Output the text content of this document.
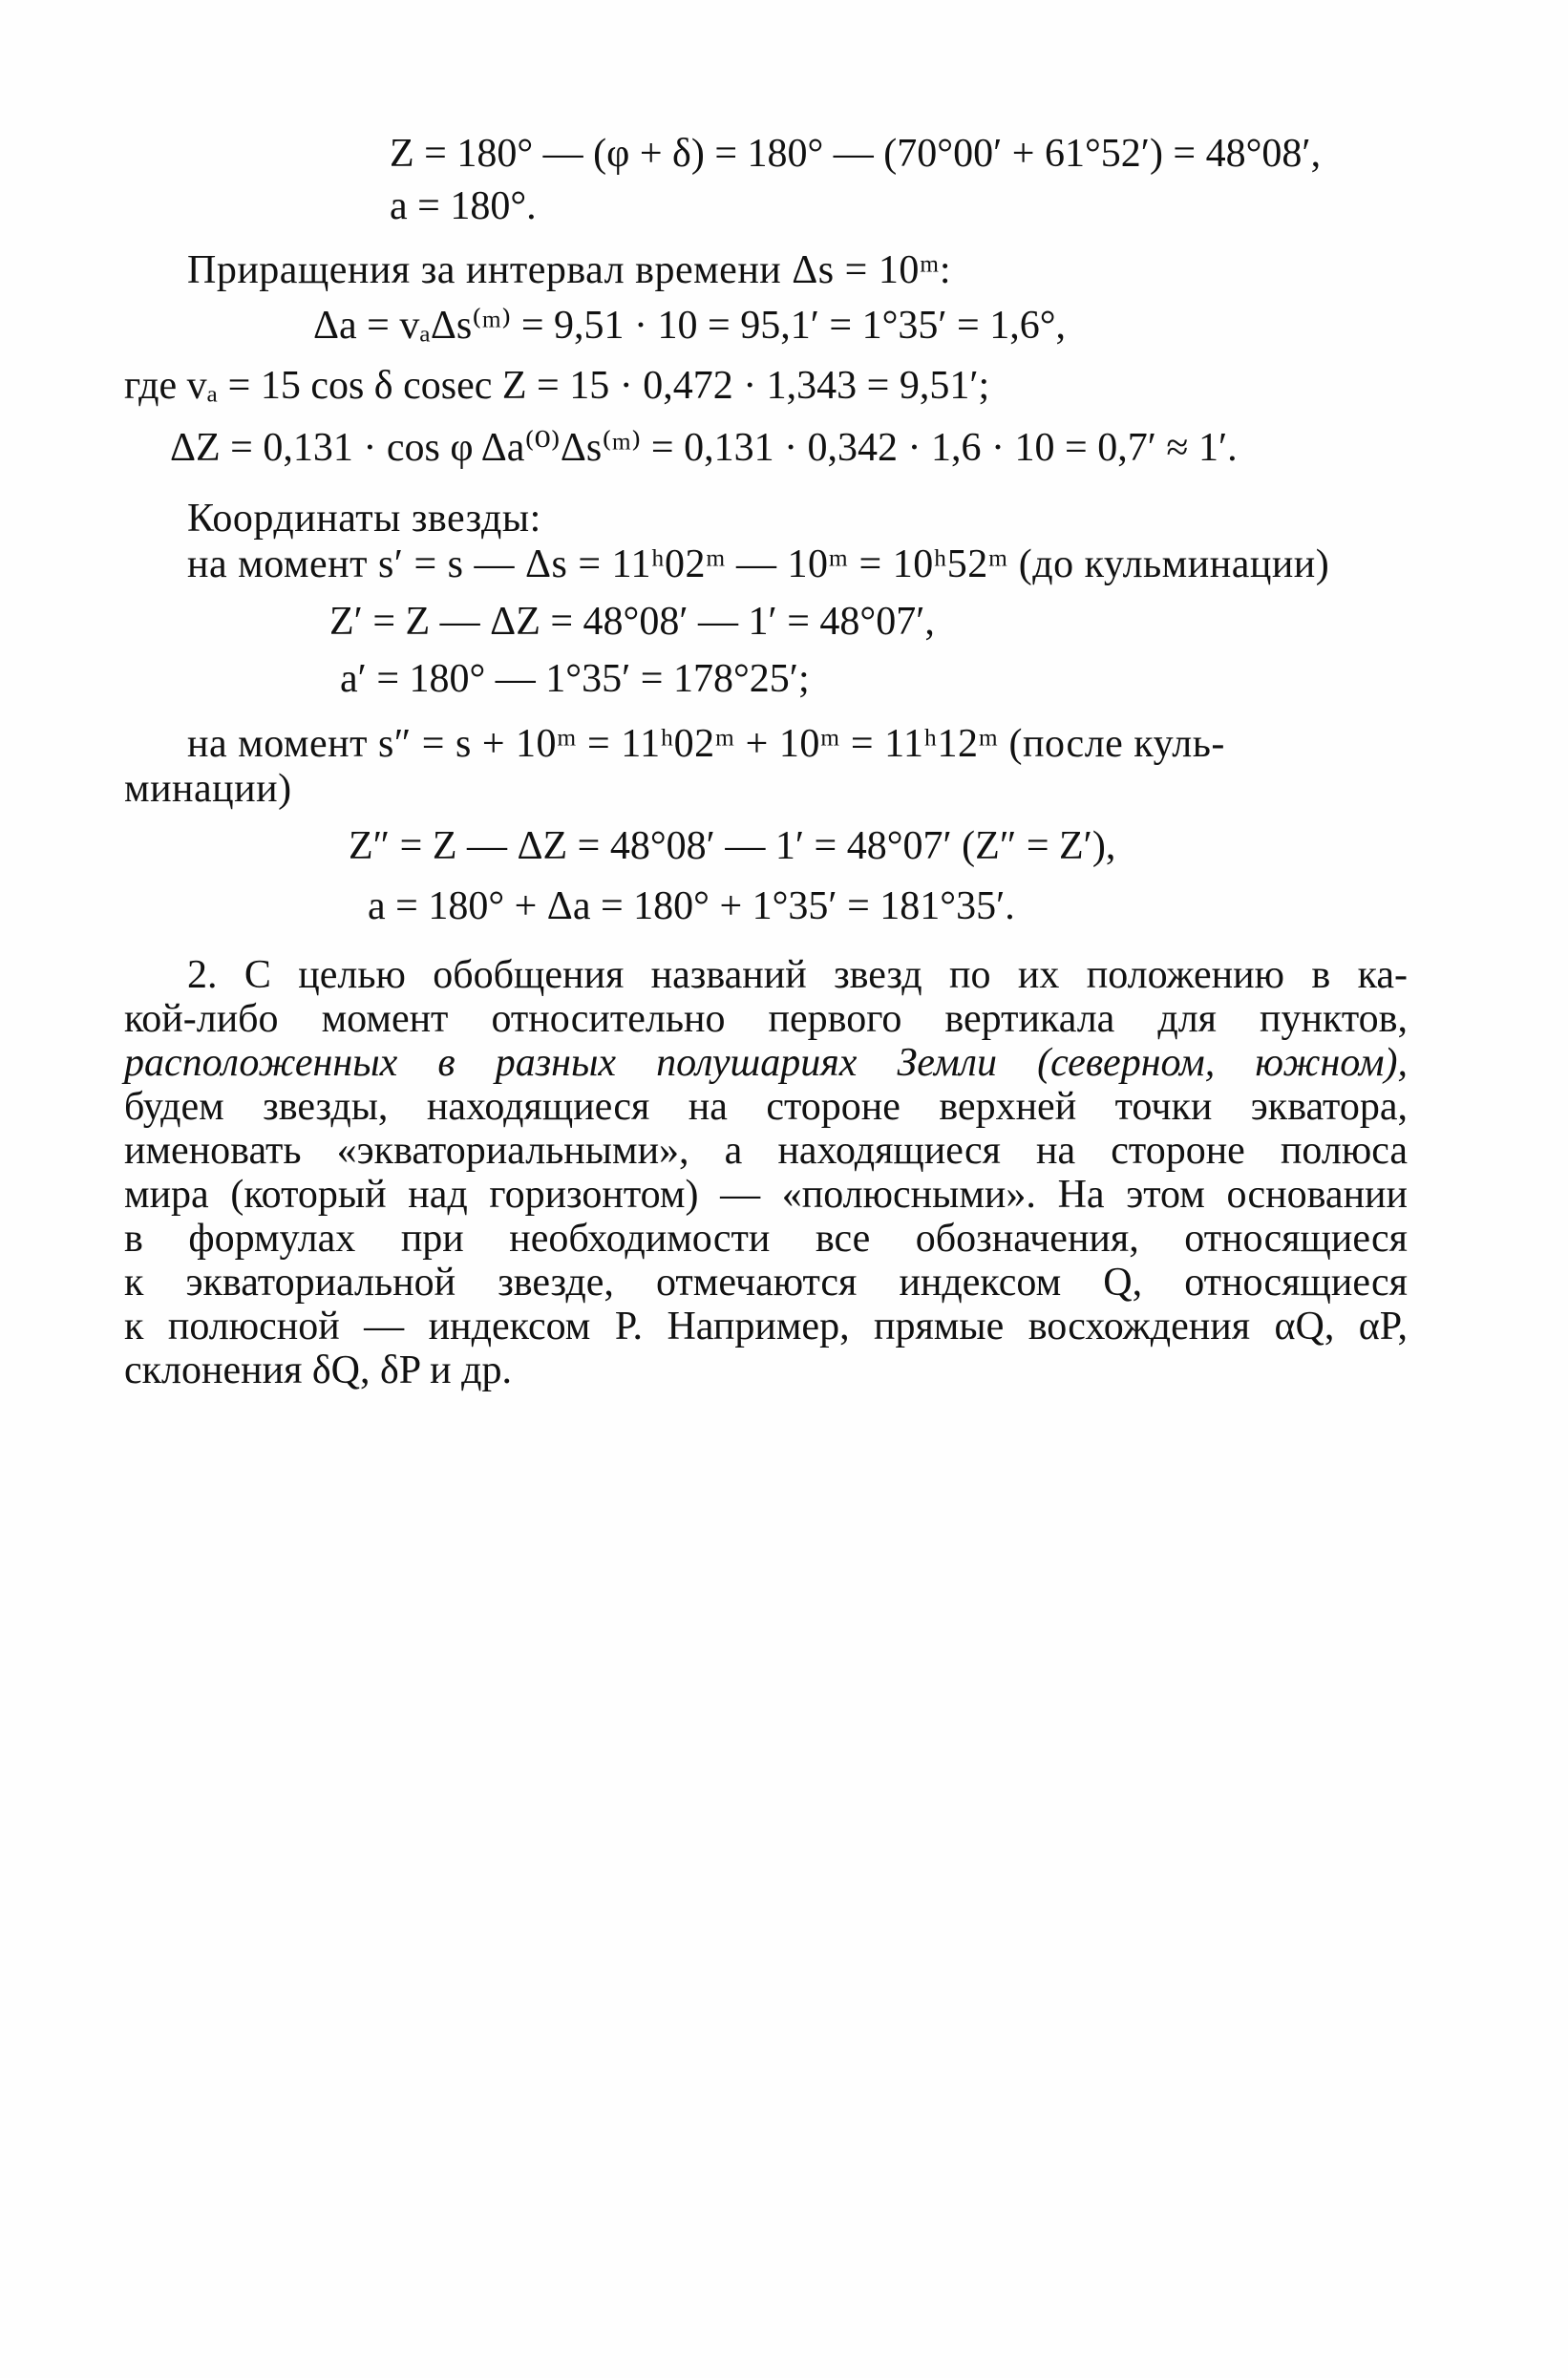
Z = 180° — (φ + δ) = 180° — (70°00′ + 61°52′) = 48°08′,
a = 180°.
Приращения за интервал времени Δs = 10ᵐ:
Δa = vₐΔs⁽ᵐ⁾ = 9,51 · 10 = 95,1′ = 1°35′ = 1,6°,
где vₐ = 15 cos δ cosec Z = 15 · 0,472 · 1,343 = 9,51′;
ΔZ = 0,131 · cos φ Δa⁽⁰⁾Δs⁽ᵐ⁾ = 0,131 · 0,342 · 1,6 · 10 = 0,7′ ≈ 1′.
Координаты звезды:
на момент s′ = s — Δs = 11ʰ02ᵐ — 10ᵐ = 10ʰ52ᵐ (до кульминации)
Z′ = Z — ΔZ = 48°08′ — 1′ = 48°07′,
a′ = 180° — 1°35′ = 178°25′;
на момент s″ = s + 10ᵐ = 11ʰ02ᵐ + 10ᵐ = 11ʰ12ᵐ (после куль-
минации)
Z″ = Z — ΔZ = 48°08′ — 1′ = 48°07′ (Z″ = Z′),
a = 180° + Δa = 180° + 1°35′ = 181°35′.
2. С целью обобщения названий звезд по их положению в ка-
кой-либо момент относительно первого вертикала для пунктов,
расположенных в разных полушариях Земли (северном, южном),
будем звезды, находящиеся на стороне верхней точки экватора,
именовать «экваториальными», а находящиеся на стороне полюса
мира (который над горизонтом) — «полюсными». На этом основании
в формулах при необходимости все обозначения, относящиеся
к экваториальной звезде, отмечаются индексом Q, относящиеся
к полюсной — индексом P. Например, прямые восхождения αQ, αP,
склонения δQ, δP и др.
